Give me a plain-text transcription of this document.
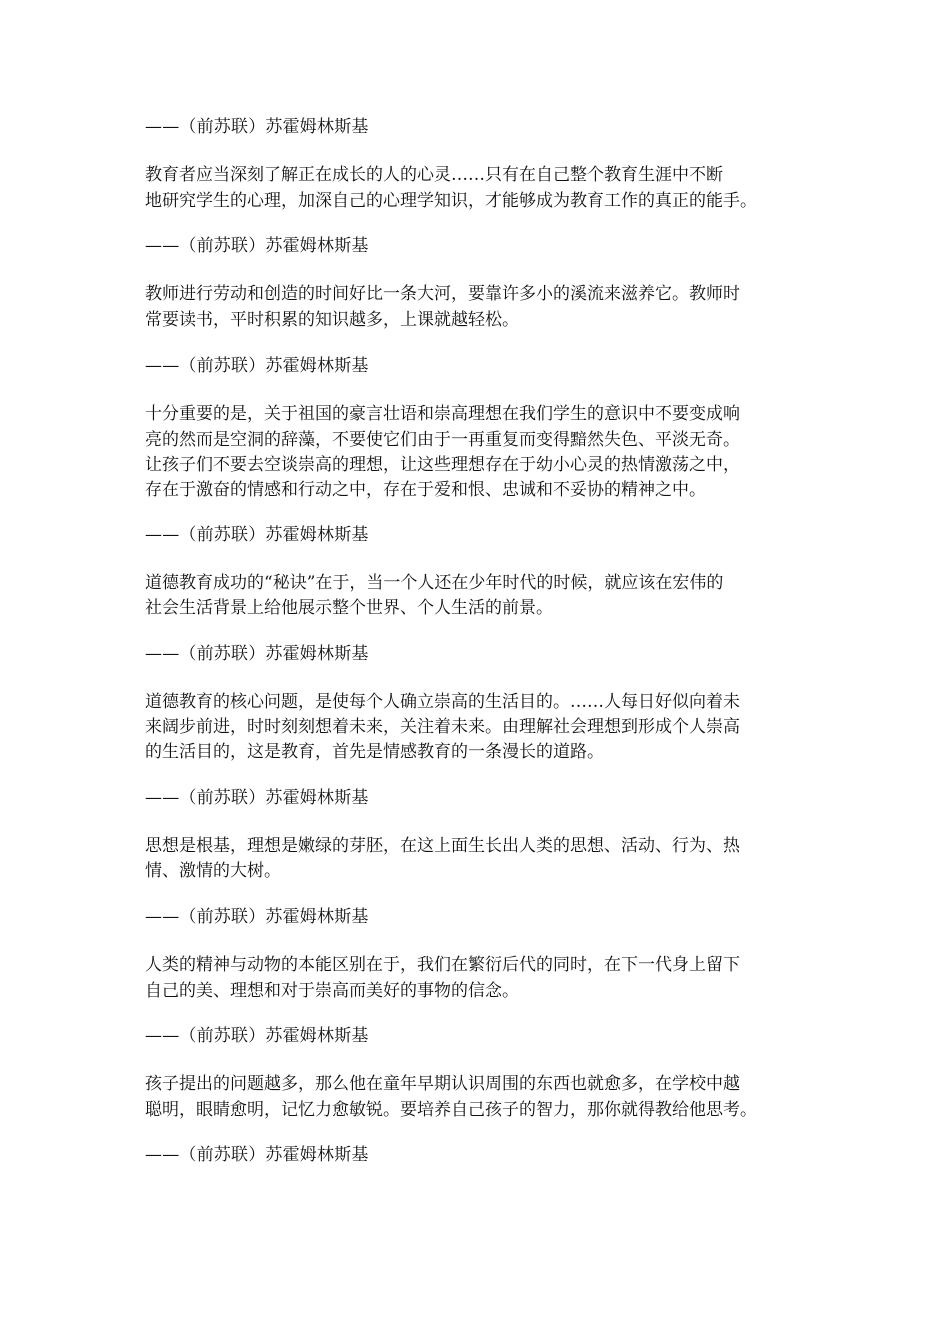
——（前苏联）苏霍姆林斯基
教育者应当深刻了解正在成长的人的心灵……只有在自己整个教育生涯中不断
地研究学生的心理，加深自己的心理学知识，才能够成为教育工作的真正的能手。
——（前苏联）苏霍姆林斯基
教师进行劳动和创造的时间好比一条大河，要靠许多小的溪流来滋养它。教师时
常要读书，平时积累的知识越多，上课就越轻松。
——（前苏联）苏霍姆林斯基
十分重要的是，关于祖国的豪言壮语和崇高理想在我们学生的意识中不要变成响
亮的然而是空洞的辞藻，不要使它们由于一再重复而变得黯然失色、平淡无奇。
让孩子们不要去空谈崇高的理想，让这些理想存在于幼小心灵的热情激荡之中，
存在于激奋的情感和行动之中，存在于爱和恨、忠诚和不妥协的精神之中。
——（前苏联）苏霍姆林斯基
道德教育成功的“秘诀”在于，当一个人还在少年时代的时候，就应该在宏伟的
社会生活背景上给他展示整个世界、个人生活的前景。
——（前苏联）苏霍姆林斯基
道德教育的核心问题，是使每个人确立崇高的生活目的。……人每日好似向着未
来阔步前进，时时刻刻想着未来，关注着未来。由理解社会理想到形成个人崇高
的生活目的，这是教育，首先是情感教育的一条漫长的道路。
——（前苏联）苏霍姆林斯基
思想是根基，理想是嫩绿的芽胚，在这上面生长出人类的思想、活动、行为、热
情、激情的大树。
——（前苏联）苏霍姆林斯基
人类的精神与动物的本能区别在于，我们在繁衍后代的同时，在下一代身上留下
自己的美、理想和对于崇高而美好的事物的信念。
——（前苏联）苏霍姆林斯基
孩子提出的问题越多，那么他在童年早期认识周围的东西也就愈多，在学校中越
聪明，眼睛愈明，记忆力愈敏锐。要培养自己孩子的智力，那你就得教给他思考。
——（前苏联）苏霍姆林斯基
